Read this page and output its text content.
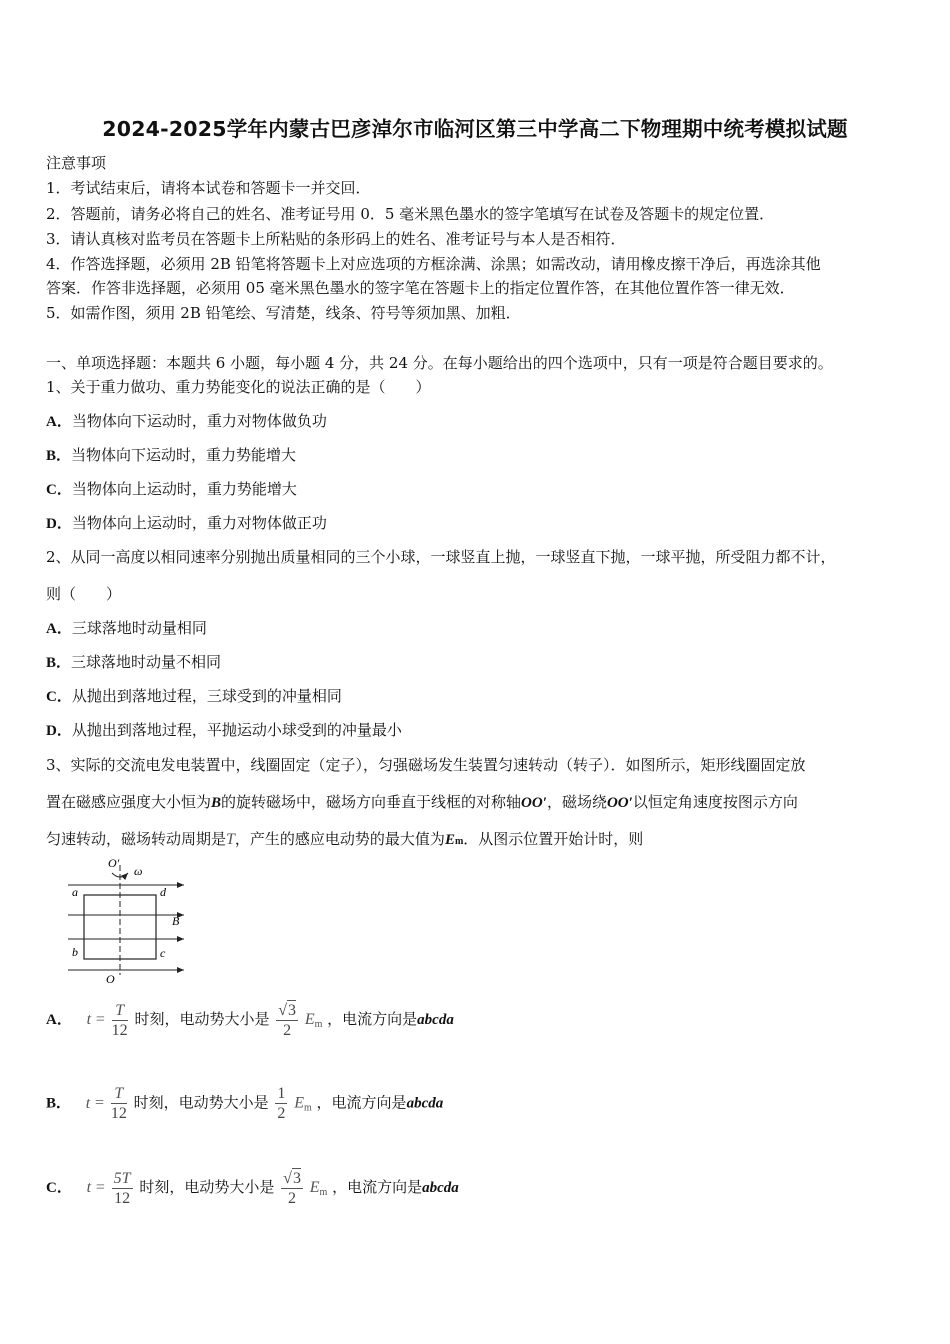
2024-2025学年内蒙古巴彦淖尔市临河区第三中学高二下物理期中统考模拟试题
注意事项
1．考试结束后，请将本试卷和答题卡一并交回．
2．答题前，请务必将自己的姓名、准考证号用 0．5 毫米黑色墨水的签字笔填写在试卷及答题卡的规定位置．
3．请认真核对监考员在答题卡上所粘贴的条形码上的姓名、准考证号与本人是否相符．
4．作答选择题，必须用 2B 铅笔将答题卡上对应选项的方框涂满、涂黑；如需改动，请用橡皮擦干净后，再选涂其他
答案．作答非选择题，必须用 05 毫米黑色墨水的签字笔在答题卡上的指定位置作答，在其他位置作答一律无效．
5．如需作图，须用 2B 铅笔绘、写清楚，线条、符号等须加黑、加粗．
一、单项选择题：本题共 6 小题，每小题 4 分，共 24 分。在每小题给出的四个选项中，只有一项是符合题目要求的。
1、关于重力做功、重力势能变化的说法正确的是（　　）
A．当物体向下运动时，重力对物体做负功
B．当物体向下运动时，重力势能增大
C．当物体向上运动时，重力势能增大
D．当物体向上运动时，重力对物体做正功
2、从同一高度以相同速率分别抛出质量相同的三个小球，一球竖直上抛，一球竖直下抛，一球平抛，所受阻力都不计，
则（　　）
A．三球落地时动量相同
B．三球落地时动量不相同
C．从抛出到落地过程，三球受到的冲量相同
D．从抛出到落地过程，平抛运动小球受到的冲量最小
3、实际的交流电发电装置中，线圈固定（定子），匀强磁场发生装置匀速转动（转子）．如图所示，矩形线圈固定放
置在磁感应强度大小恒为B的旋转磁场中，磁场方向垂直于线框的对称轴OO′，磁场绕OO′以恒定角速度按图示方向
匀速转动，磁场转动周期是T，产生的感应电动势的最大值为Em．从图示位置开始计时，则
O′
ω
a	d
B
b	c
O
A． $t = \frac{T}{12}$ 时刻，电动势大小是 $\frac{√3}{2} E_m$ ，电流方向是abcda
B． $t = \frac{T}{12}$ 时刻，电动势大小是 $\frac{1}{2} E_m$ ，电流方向是abcda
C． $t = \frac{5T}{12}$ 时刻，电动势大小是 $\frac{√3}{2} E_m$ ，电流方向是abcda
